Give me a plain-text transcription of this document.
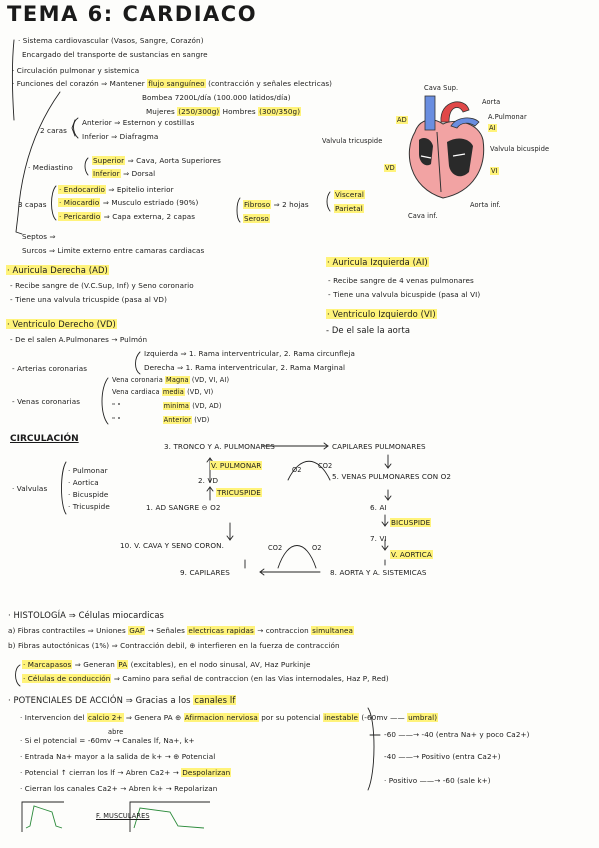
TEMA 6: CARDIACO
· Sistema cardiovascular (Vasos, Sangre, Corazón)
Encargado del transporte de sustancias en sangre
· Circulación pulmonar y sistemica
· Funciones del corazón ⇒ Mantener flujo sanguíneo (contracción y señales electricas)
Bombea 7200L/día (100.000 latidos/día)
Mujeres (250/300g) Hombres (300/350g)
2 caras
Anterior ⇒ Esternon y costillas
Inferior ⇒ Diafragma
· Mediastino
Superior ⇒ Cava, Aorta Superiores
Inferior ⇒ Dorsal
3 capas
· Endocardio ⇒ Epitelio interior
· Miocardio ⇒ Musculo estriado (90%)
· Pericardio ⇒ Capa externa, 2 capas
Fibroso ⇒ 2 hojas
Seroso
Visceral
Parietal
Septos ⇒
Surcos ⇒ Limite externo entre camaras cardiacas
Cava Sup.
Aorta
A.Pulmonar
AD
AI
Valvula tricuspide
Valvula bicuspide
VD	VI
Aorta inf.
Cava inf.
· Auricula Derecha (AD)
- Recibe sangre de (V.C.Sup, Inf) y Seno coronario
- Tiene una valvula tricuspide (pasa al VD)
· Auricula Izquierda (AI)
- Recibe sangre de 4 venas pulmonares
- Tiene una valvula bicuspide (pasa al VI)
· Ventriculo Derecho (VD)
- De el salen A.Pulmonares → Pulmón
· Ventriculo Izquierdo (VI)
- De el sale la aorta
- Arterias coronarias
Izquierda ⇒ 1. Rama interventricular, 2. Rama circunfleja
Derecha ⇒ 1. Rama interventricular, 2. Rama Marginal
- Venas coronarias
Vena coronaria Magna (VD, VI, AI)
Vena cardiaca media (VD, VI)
" "	minima (VD, AD)
" "	Anterior (VD)
CIRCULACIÓN
· Valvulas
· Pulmonar
· Aortica
· Bicuspide
· Tricuspide
3. TRONCO Y A. PULMONARES	CAPILARES PULMONARES
V. PULMONAR	O2 CO2
2. VD	5. VENAS PULMONARES CON O2
TRICUSPIDE
1. AD SANGRE ⊖ O2	6. AI
BICUSPIDE
10. V. CAVA Y SENO CORON.	CO2	O2
7. VI
V. AORTICA
9. CAPILARES	8. AORTA Y A. SISTEMICAS
· HISTOLOGÍA ⇒ Células miocardicas
a) Fibras contractiles ⇒ Uniones GAP → Señales electricas rapidas → contraccion simultanea
b) Fibras autoctónicas (1%) ⇒ Contracción debil, ⊕ interfieren en la fuerza de contracción
· Marcapasos ⇒ Generan PA (excitables), en el nodo sinusal, AV, Haz Purkinje
· Células de conducción ⇒ Camino para señal de contraccion (en las Vias internodales, Haz P, Red)
· POTENCIALES DE ACCIÓN ⇒ Gracias a los canales lf
· Intervencion del calcio 2+ ⇒ Genera PA ⊕ Afirmacion nerviosa por su potencial inestable (-60mv —— umbral)
abre
· Si el potencial = -60mv → Canales lf, Na+, k+
· Entrada Na+ mayor a la salida de k+ → ⊕ Potencial
· Potencial ↑ cierran los lf → Abren Ca2+ → Despolarizan
· Cierran los canales Ca2+ → Abren k+ → Repolarizan
-60 ——→ -40 (entra Na+ y poco Ca2+)
-40 ——→ Positivo (entra Ca2+)
· Positivo ——→ -60 (sale k+)
F. MUSCULARES
